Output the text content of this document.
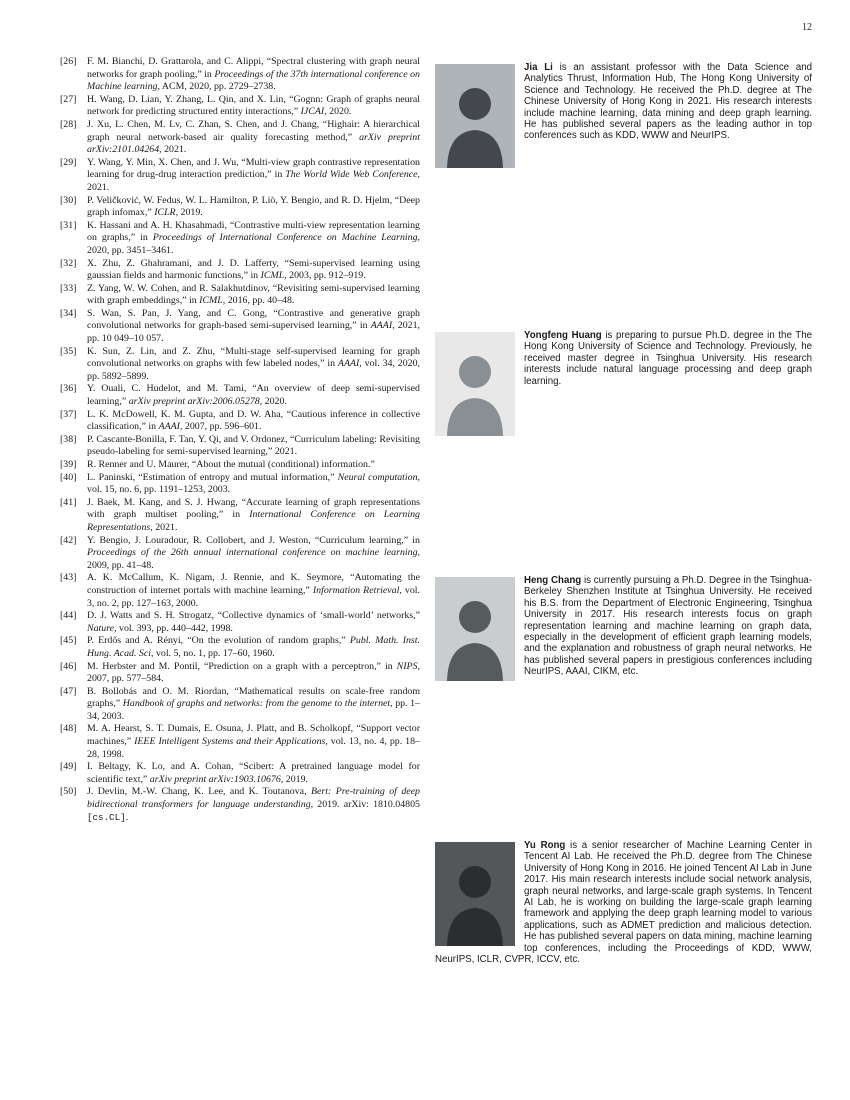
12
[26] F. M. Bianchi, D. Grattarola, and C. Alippi, “Spectral clustering with graph neural networks for graph pooling,” in Proceedings of the 37th international conference on Machine learning, ACM, 2020, pp. 2729–2738.
[27] H. Wang, D. Lian, Y. Zhang, L. Qin, and X. Lin, “Gognn: Graph of graphs neural network for predicting structured entity interactions,” IJCAI, 2020.
[28] J. Xu, L. Chen, M. Lv, C. Zhan, S. Chen, and J. Chang, “Highair: A hierarchical graph neural network-based air quality forecasting method,” arXiv preprint arXiv:2101.04264, 2021.
[29] Y. Wang, Y. Min, X. Chen, and J. Wu, “Multi-view graph contrastive representation learning for drug-drug interaction prediction,” in The World Wide Web Conference, 2021.
[30] P. Veličković, W. Fedus, W. L. Hamilton, P. Liò, Y. Bengio, and R. D. Hjelm, “Deep graph infomax,” ICLR, 2019.
[31] K. Hassani and A. H. Khasahmadi, “Contrastive multi-view representation learning on graphs,” in Proceedings of International Conference on Machine Learning, 2020, pp. 3451–3461.
[32] X. Zhu, Z. Ghahramani, and J. D. Lafferty, “Semi-supervised learning using gaussian fields and harmonic functions,” in ICML, 2003, pp. 912–919.
[33] Z. Yang, W. W. Cohen, and R. Salakhutdinov, “Revisiting semi-supervised learning with graph embeddings,” in ICML, 2016, pp. 40–48.
[34] S. Wan, S. Pan, J. Yang, and C. Gong, “Contrastive and generative graph convolutional networks for graph-based semi-supervised learning,” in AAAI, 2021, pp. 10 049–10 057.
[35] K. Sun, Z. Lin, and Z. Zhu, “Multi-stage self-supervised learning for graph convolutional networks on graphs with few labeled nodes,” in AAAI, vol. 34, 2020, pp. 5892–5899.
[36] Y. Ouali, C. Hudelot, and M. Tami, “An overview of deep semi-supervised learning,” arXiv preprint arXiv:2006.05278, 2020.
[37] L. K. McDowell, K. M. Gupta, and D. W. Aha, “Cautious inference in collective classification,” in AAAI, 2007, pp. 596–601.
[38] P. Cascante-Bonilla, F. Tan, Y. Qi, and V. Ordonez, “Curriculum labeling: Revisiting pseudo-labeling for semi-supervised learning,” 2021.
[39] R. Renner and U. Maurer, “About the mutual (conditional) information.”
[40] L. Paninski, “Estimation of entropy and mutual information,” Neural computation, vol. 15, no. 6, pp. 1191–1253, 2003.
[41] J. Baek, M. Kang, and S. J. Hwang, “Accurate learning of graph representations with graph multiset pooling,” in International Conference on Learning Representations, 2021.
[42] Y. Bengio, J. Louradour, R. Collobert, and J. Weston, “Curriculum learning,” in Proceedings of the 26th annual international conference on machine learning, 2009, pp. 41–48.
[43] A. K. McCallum, K. Nigam, J. Rennie, and K. Seymore, “Automating the construction of internet portals with machine learning,” Information Retrieval, vol. 3, no. 2, pp. 127–163, 2000.
[44] D. J. Watts and S. H. Strogatz, “Collective dynamics of ‘small-world’ networks,” Nature, vol. 393, pp. 440–442, 1998.
[45] P. Erdős and A. Rényi, “On the evolution of random graphs,” Publ. Math. Inst. Hung. Acad. Sci, vol. 5, no. 1, pp. 17–60, 1960.
[46] M. Herbster and M. Pontil, “Prediction on a graph with a perceptron,” in NIPS, 2007, pp. 577–584.
[47] B. Bollobás and O. M. Riordan, “Mathematical results on scale-free random graphs,” Handbook of graphs and networks: from the genome to the internet, pp. 1–34, 2003.
[48] M. A. Hearst, S. T. Dumais, E. Osuna, J. Platt, and B. Scholkopf, “Support vector machines,” IEEE Intelligent Systems and their Applications, vol. 13, no. 4, pp. 18–28, 1998.
[49] I. Beltagy, K. Lo, and A. Cohan, “Scibert: A pretrained language model for scientific text,” arXiv preprint arXiv:1903.10676, 2019.
[50] J. Devlin, M.-W. Chang, K. Lee, and K. Toutanova, Bert: Pre-training of deep bidirectional transformers for language understanding, 2019. arXiv: 1810.04805 [cs.CL].
Jia Li is an assistant professor with the Data Science and Analytics Thrust, Information Hub, The Hong Kong University of Science and Technology. He received the Ph.D. degree at The Chinese University of Hong Kong in 2021. His research interests include machine learning, data mining and deep graph learning. He has published several papers as the leading author in top conferences such as KDD, WWW and NeurIPS.
Yongfeng Huang is preparing to pursue Ph.D. degree in the The Hong Kong University of Science and Technology. Previously, he received master degree in Tsinghua University. His research interests include natural language processing and deep graph learning.
Heng Chang is currently pursuing a Ph.D. Degree in the Tsinghua-Berkeley Shenzhen Institute at Tsinghua University. He received his B.S. from the Department of Electronic Engineering, Tsinghua University in 2017. His research interests focus on graph representation learning and machine learning on graph data, especially in the development of efficient graph learning models, and the explanation and robustness of graph neural networks. He has published several papers in prestigious conferences including NeurIPS, AAAI, CIKM, etc.
Yu Rong is a senior researcher of Machine Learning Center in Tencent AI Lab. He received the Ph.D. degree from The Chinese University of Hong Kong in 2016. He joined Tencent AI Lab in June 2017. His main research interests include social network analysis, graph neural networks, and large-scale graph systems. In Tencent AI Lab, he is working on building the large-scale graph learning framework and applying the deep graph learning model to various applications, such as ADMET prediction and malicious detection. He has published several papers on data mining, machine learning top conferences, including the Proceedings of KDD, WWW, NeurIPS, ICLR, CVPR, ICCV, etc.
